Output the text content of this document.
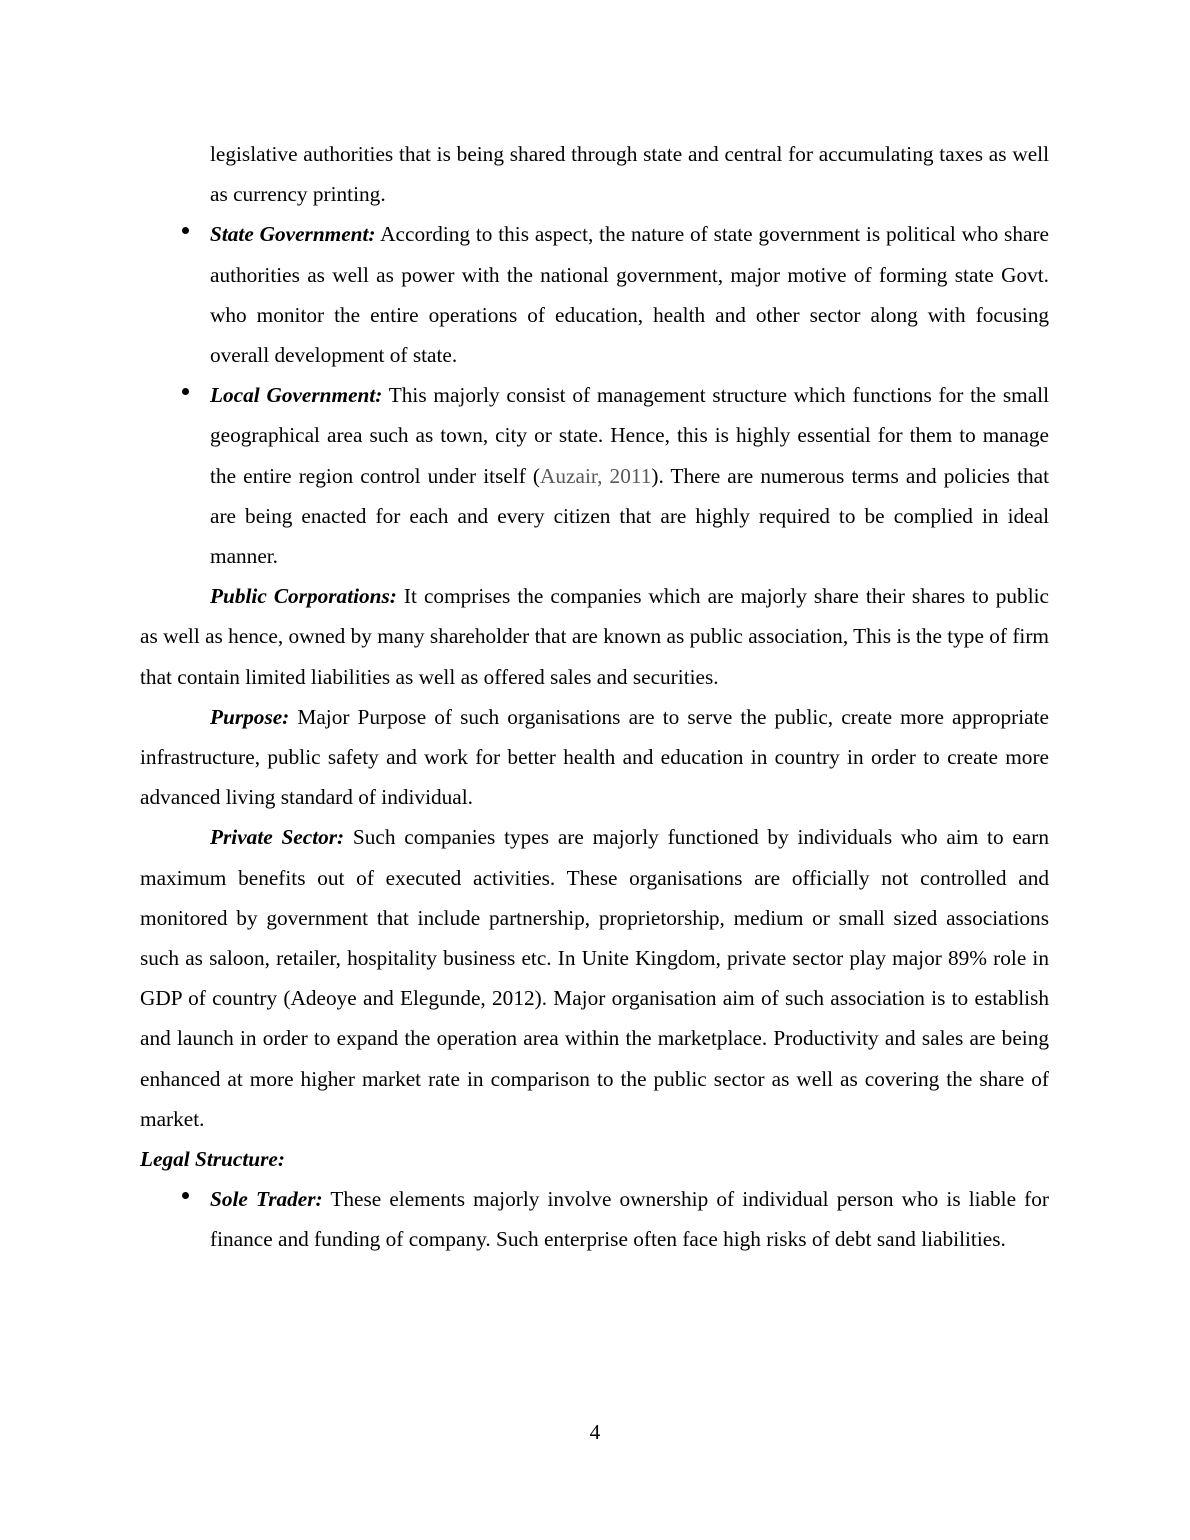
legislative authorities that is being shared through state and central for accumulating taxes as well as currency printing.

State Government: According to this aspect, the nature of state government is political who share authorities as well as power with the national government, major motive of forming state Govt. who monitor the entire operations of education, health and other sector along with focusing overall development of state.

Local Government: This majorly consist of management structure which functions for the small geographical area such as town, city or state. Hence, this is highly essential for them to manage the entire region control under itself (Auzair, 2011). There are numerous terms and policies that are being enacted for each and every citizen that are highly required to be complied in ideal manner.

Public Corporations: It comprises the companies which are majorly share their shares to public as well as hence, owned by many shareholder that are known as public association, This is the type of firm that contain limited liabilities as well as offered sales and securities.

Purpose: Major Purpose of such organisations are to serve the public, create more appropriate infrastructure, public safety and work for better health and education in country in order to create more advanced living standard of individual.

Private Sector: Such companies types are majorly functioned by individuals who aim to earn maximum benefits out of executed activities. These organisations are officially not controlled and monitored by government that include partnership, proprietorship, medium or small sized associations such as saloon, retailer, hospitality business etc. In Unite Kingdom, private sector play major 89% role in GDP of country (Adeoye and Elegunde, 2012). Major organisation aim of such association is to establish and launch in order to expand the operation area within the marketplace. Productivity and sales are being enhanced at more higher market rate in comparison to the public sector as well as covering the share of market.

Legal Structure:

Sole Trader: These elements majorly involve ownership of individual person who is liable for finance and funding of company. Such enterprise often face high risks of debt sand liabilities.

4
